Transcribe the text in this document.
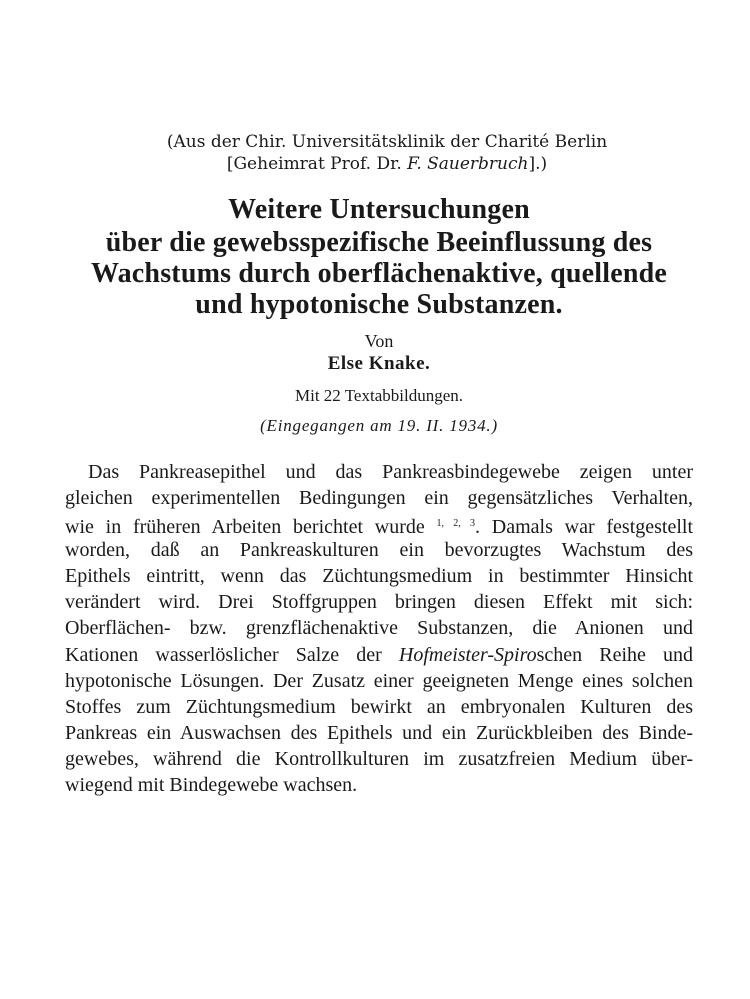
(Aus der Chir. Universitätsklinik der Charité Berlin
[Geheimrat Prof. Dr. F. Sauerbruch].)
Weitere Untersuchungen
über die gewebsspezifische Beeinflussung des
Wachstums durch oberflächenaktive, quellende
und hypotonische Substanzen.
Von
Else Knake.
Mit 22 Textabbildungen.
(Eingegangen am 19. II. 1934.)
Das Pankreasepithel und das Pankreasbindegewebe zeigen unter
gleichen experimentellen Bedingungen ein gegensätzliches Verhalten,
wie in früheren Arbeiten berichtet wurde $^{1, 2, 3}$. Damals war festgestellt
worden, daß an Pankreaskulturen ein bevorzugtes Wachstum des
Epithels eintritt, wenn das Züchtungsmedium in bestimmter Hinsicht
verändert wird. Drei Stoffgruppen bringen diesen Effekt mit sich:
Oberflächen- bzw. grenzflächenaktive Substanzen, die Anionen und
Kationen wasserlöslicher Salze der Hofmeister-Spiroschen Reihe und
hypotonische Lösungen. Der Zusatz einer geeigneten Menge eines solchen
Stoffes zum Züchtungsmedium bewirkt an embryonalen Kulturen des
Pankreas ein Auswachsen des Epithels und ein Zurückbleiben des Binde-
gewebes, während die Kontrollkulturen im zusatzfreien Medium über-
wiegend mit Bindegewebe wachsen.
